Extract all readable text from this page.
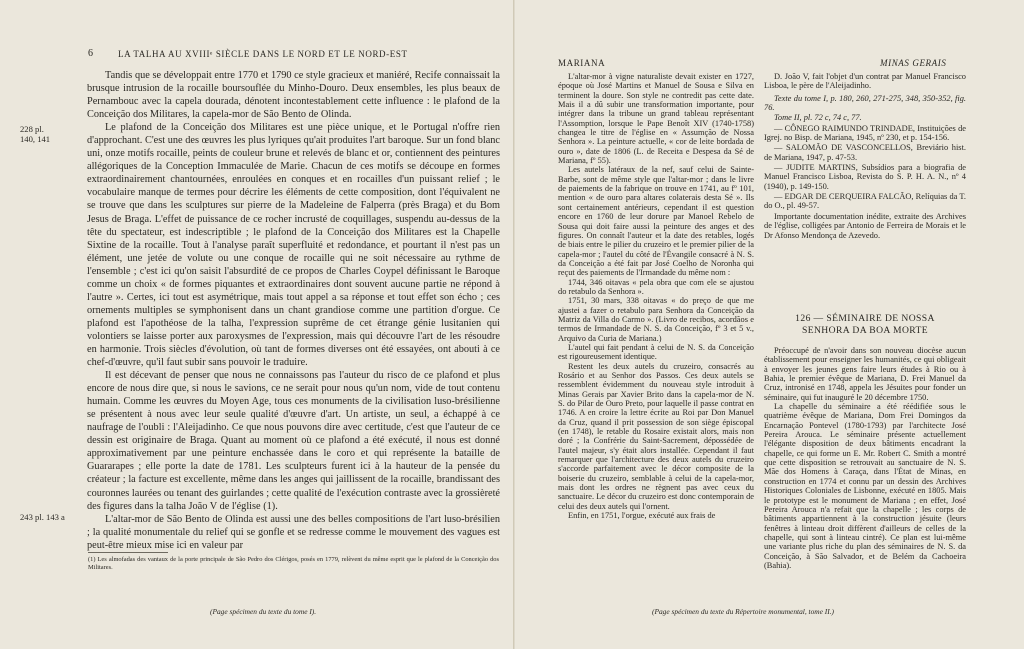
6	LA TALHA AU XVIIIᵉ SIÈCLE DANS LE NORD ET LE NORD-EST
228 pl. 140, 141
243 pl. 143 a

Tandis que se développait entre 1770 et 1790 ce style gracieux et maniéré, Recife connaissait la brusque intrusion de la rocaille boursouflée du Minho-Douro. Deux ensembles, les plus beaux de Pernambouc avec la capela dourada, dénotent incontestablement cette influence : le plafond de la Conceição dos Militares, la capela-mor de São Bento de Olinda.

Le plafond de la Conceição dos Militares est une pièce unique, et le Portugal n'offre rien d'approchant. C'est une des œuvres les plus lyriques qu'ait produites l'art baroque. Sur un fond blanc uni, onze motifs rocaille, peints de couleur brune et relevés de blanc et or, contiennent des peintures allégoriques de la Conception Immaculée de Marie. Chacun de ces motifs se découpe en formes extraordinairement chantournées, enroulées en conques et en rocailles d'un puissant relief ; le vocabulaire manque de termes pour décrire les éléments de cette composition, dont l'équivalent ne se trouve que dans les sculptures sur pierre de la Madeleine de Falperra (près Braga) et du Bom Jesus de Braga. L'effet de puissance de ce rocher incrusté de coquillages, suspendu au-dessus de la tête du spectateur, est indescriptible ; le plafond de la Conceição dos Militares est la Chapelle Sixtine de la rocaille. Tout à l'analyse paraît superfluité et redondance, et pourtant il n'est pas un élément, une jetée de volute ou une conque de rocaille qui ne soit nécessaire au rythme de l'ensemble ; c'est ici qu'on saisit l'absurdité de ce propos de Charles Coypel définissant le Baroque comme un choix « de formes piquantes et extraordinaires dont souvent aucune partie ne répond à l'autre ». Certes, ici tout est asymétrique, mais tout appel a sa réponse et tout effet son écho ; ces ornements multiples se symphonisent dans un chant grandiose comme une partition d'orgue. Ce plafond est l'apothéose de la talha, l'expression suprême de cet étrange génie lusitanien qui volontiers se laisse porter aux paroxysmes de l'expression, mais qui découvre l'art de les résoudre en harmonie. Trois siècles d'évolution, où tant de formes diverses ont été essayées, ont abouti à ce chef-d'œuvre, qu'il faut subir sans pouvoir le traduire.

Il est décevant de penser que nous ne connaissons pas l'auteur du risco de ce plafond et plus encore de nous dire que, si nous le savions, ce ne serait pour nous qu'un nom, vide de tout contenu humain. Comme les œuvres du Moyen Age, tous ces monuments de la civilisation luso-brésilienne se présentent à nous avec leur seule qualité d'œuvre d'art. Un artiste, un seul, a échappé à ce naufrage de l'oubli : l'Aleijadinho. Ce que nous pouvons dire avec certitude, c'est que l'auteur de ce dessin est originaire de Braga. Quant au moment où ce plafond a été exécuté, il nous est donné approximativement par une peinture enchassée dans le coro et qui représente la bataille de Guararapes ; elle porte la date de 1781. Les sculpteurs furent ici à la hauteur de la pensée du créateur ; la facture est excellente, même dans les anges qui jaillissent de la rocaille, brandissant des couronnes laurées ou tenant des guirlandes ; cette qualité de l'exécution contraste avec la grossièreté des figures dans la talha João V de l'église (1).

L'altar-mor de São Bento de Olinda est aussi une des belles compositions de l'art luso-brésilien ; la qualité monumentale du relief qui se gonfle et se redresse comme le mouvement des vagues est peut-être mieux mise ici en valeur par

(1) Les almofadas des vantaux de la porte principale de São Pedro dos Clérigos, posés en 1779, relèvent du même esprit que le plafond de la Conceição dos Militares.
(Page spécimen du texte du tome I).
MARIANA	MINAS GERAIS

L'altar-mor à vigne naturaliste devait exister en 1727, époque où José Martins et Manuel de Sousa e Silva en terminent la doure. Son style ne contredit pas cette date. Mais il a dû subir une transformation importante, pour intégrer dans la tribune un grand tableau représentant l'Assomption, lorsque le Pape Benoît XIV (1740-1758) changea le titre de l'église en « Assumção de Nossa Senhora ». La peinture actuelle, « cor de leite bordada de ouro », date de 1806 (L. de Receita e Despesa da Sé de Mariana, fº 55).

Les autels latéraux de la nef, sauf celui de Sainte-Barbe, sont de même style que l'altar-mor ; dans le livre de paiements de la fabrique on trouve en 1741, au fº 101, mention « de ouro para altares colaterais desta Sé ». Ils sont certainement antérieurs, cependant il est question encore en 1760 de leur dorure par Manoel Rebelo de Sousa qui doit faire aussi la peinture des anges et des figures. On connaît l'auteur et la date des retables, logés de biais entre le pilier du cruzeiro et le premier pilier de la capela-mor ; l'autel du côté de l'Évangile consacré à N. S. da Conceição a été fait par José Coelho de Noronha qui reçut des paiements de l'Irmandade du même nom :

1744, 346 oitavas « pela obra que com ele se ajustou do retabulo da Senhora ».

1751, 30 mars, 338 oitavas « do preço de que me ajustei a fazer o retabulo para Senhora da Conceição da Matriz da Villa do Carmo ». (Livro de recibos, acordãos e termos de Irmandade de N. S. da Conceição, fº 3 et 5 v., Arquivo da Curia de Mariana.)

L'autel qui fait pendant à celui de N. S. da Conceição est rigoureusement identique.

Restent les deux autels du cruzeiro, consacrés au Rosário et au Senhor dos Passos. Ces deux autels se ressemblent évidemment du nouveau style introduit à Minas Gerais par Xavier Brito dans la capela-mor de N. S. do Pilar de Ouro Preto, pour laquelle il passe contrat en 1746. A en croire la lettre écrite au Roi par Don Manuel da Cruz, quand il prit possession de son siège épiscopal (en 1748), le retable du Rosaire existait alors, mais non doré ; la Confrérie du Saint-Sacrement, dépossédée de l'autel majeur, s'y était alors installée. Cependant il faut remarquer que l'architecture des deux autels du cruzeiro s'accorde parfaitement avec le décor composite de la boiserie du cruzeiro, semblable à celui de la capela-mor, mais dont les ordres ne règnent pas avec ceux du sanctuaire. Le décor du cruzeiro est donc contemporain de celui des deux autels qui l'ornent.

Enfin, en 1751, l'orgue, exécuté aux frais de

D. João V, fait l'objet d'un contrat par Manuel Francisco Lisboa, le père de l'Aleijadinho.

Texte du tome I, p. 180, 260, 271-275, 348, 350-352, fig. 76.

Tome II, pl. 72 c, 74 c, 77.

— CÔNEGO RAIMUNDO TRINDADE, Instituições de Igrej. no Bisp. de Mariana, 1945, nº 230, et p. 154-156.

— SALOMÃO DE VASCONCELLOS, Breviário hist. de Mariana, 1947, p. 47-53.

— JUDITE MARTINS, Subsídios para a biografia de Manuel Francisco Lisboa, Revista do S. P. H. A. N., nº 4 (1940), p. 149-150.

— EDGAR DE CERQUEIRA FALCÃO, Relíquias da T. do O., pl. 49-57.

Importante documentation inédite, extraite des Archives de l'église, colligées par Antonio de Ferreira de Morais et le Dr Afonso Mendonça de Azevedo.

126 — SÉMINAIRE DE NOSSA
SENHORA DA BOA MORTE

Préoccupé de n'avoir dans son nouveau diocèse aucun établissement pour enseigner les humanités, ce qui obligeait à envoyer les jeunes gens faire leurs études à Rio ou à Bahia, le premier évêque de Mariana, D. Frei Manuel da Cruz, intronisé en 1748, appela les Jésuites pour fonder un séminaire, qui fut inauguré le 20 décembre 1750.

La chapelle du séminaire a été réédifiée sous le quatrième évêque de Mariana, Dom Frei Domingos da Encarnação Pontevel (1780-1793) par l'architecte José Pereira Arouca. Le séminaire présente actuellement l'élégante disposition de deux bâtiments encadrant la chapelle, ce qui forme un E. Mr. Robert C. Smith a montré que cette disposition se retrouvait au sanctuaire de N. S. Mãe dos Homens à Caraça, dans l'État de Minas, en construction en 1774 et connu par un dessin des Archives Historiques Coloniales de Lisbonne, exécuté en 1805. Mais le prototype est le monument de Mariana ; en effet, José Pereira Arouca n'a refait que la chapelle ; les corps de bâtiments appartiennent à la construction jésuite (leurs fenêtres à linteau droit diffèrent d'ailleurs de celles de la chapelle, qui sont à linteau cintré). Ce plan est lui-même une variante plus riche du plan des séminaires de N. S. da Conceição, à São Salvador, et de Belém da Cachoeira (Bahia).

(Page spécimen du texte du Répertoire monumental, tome II.)
